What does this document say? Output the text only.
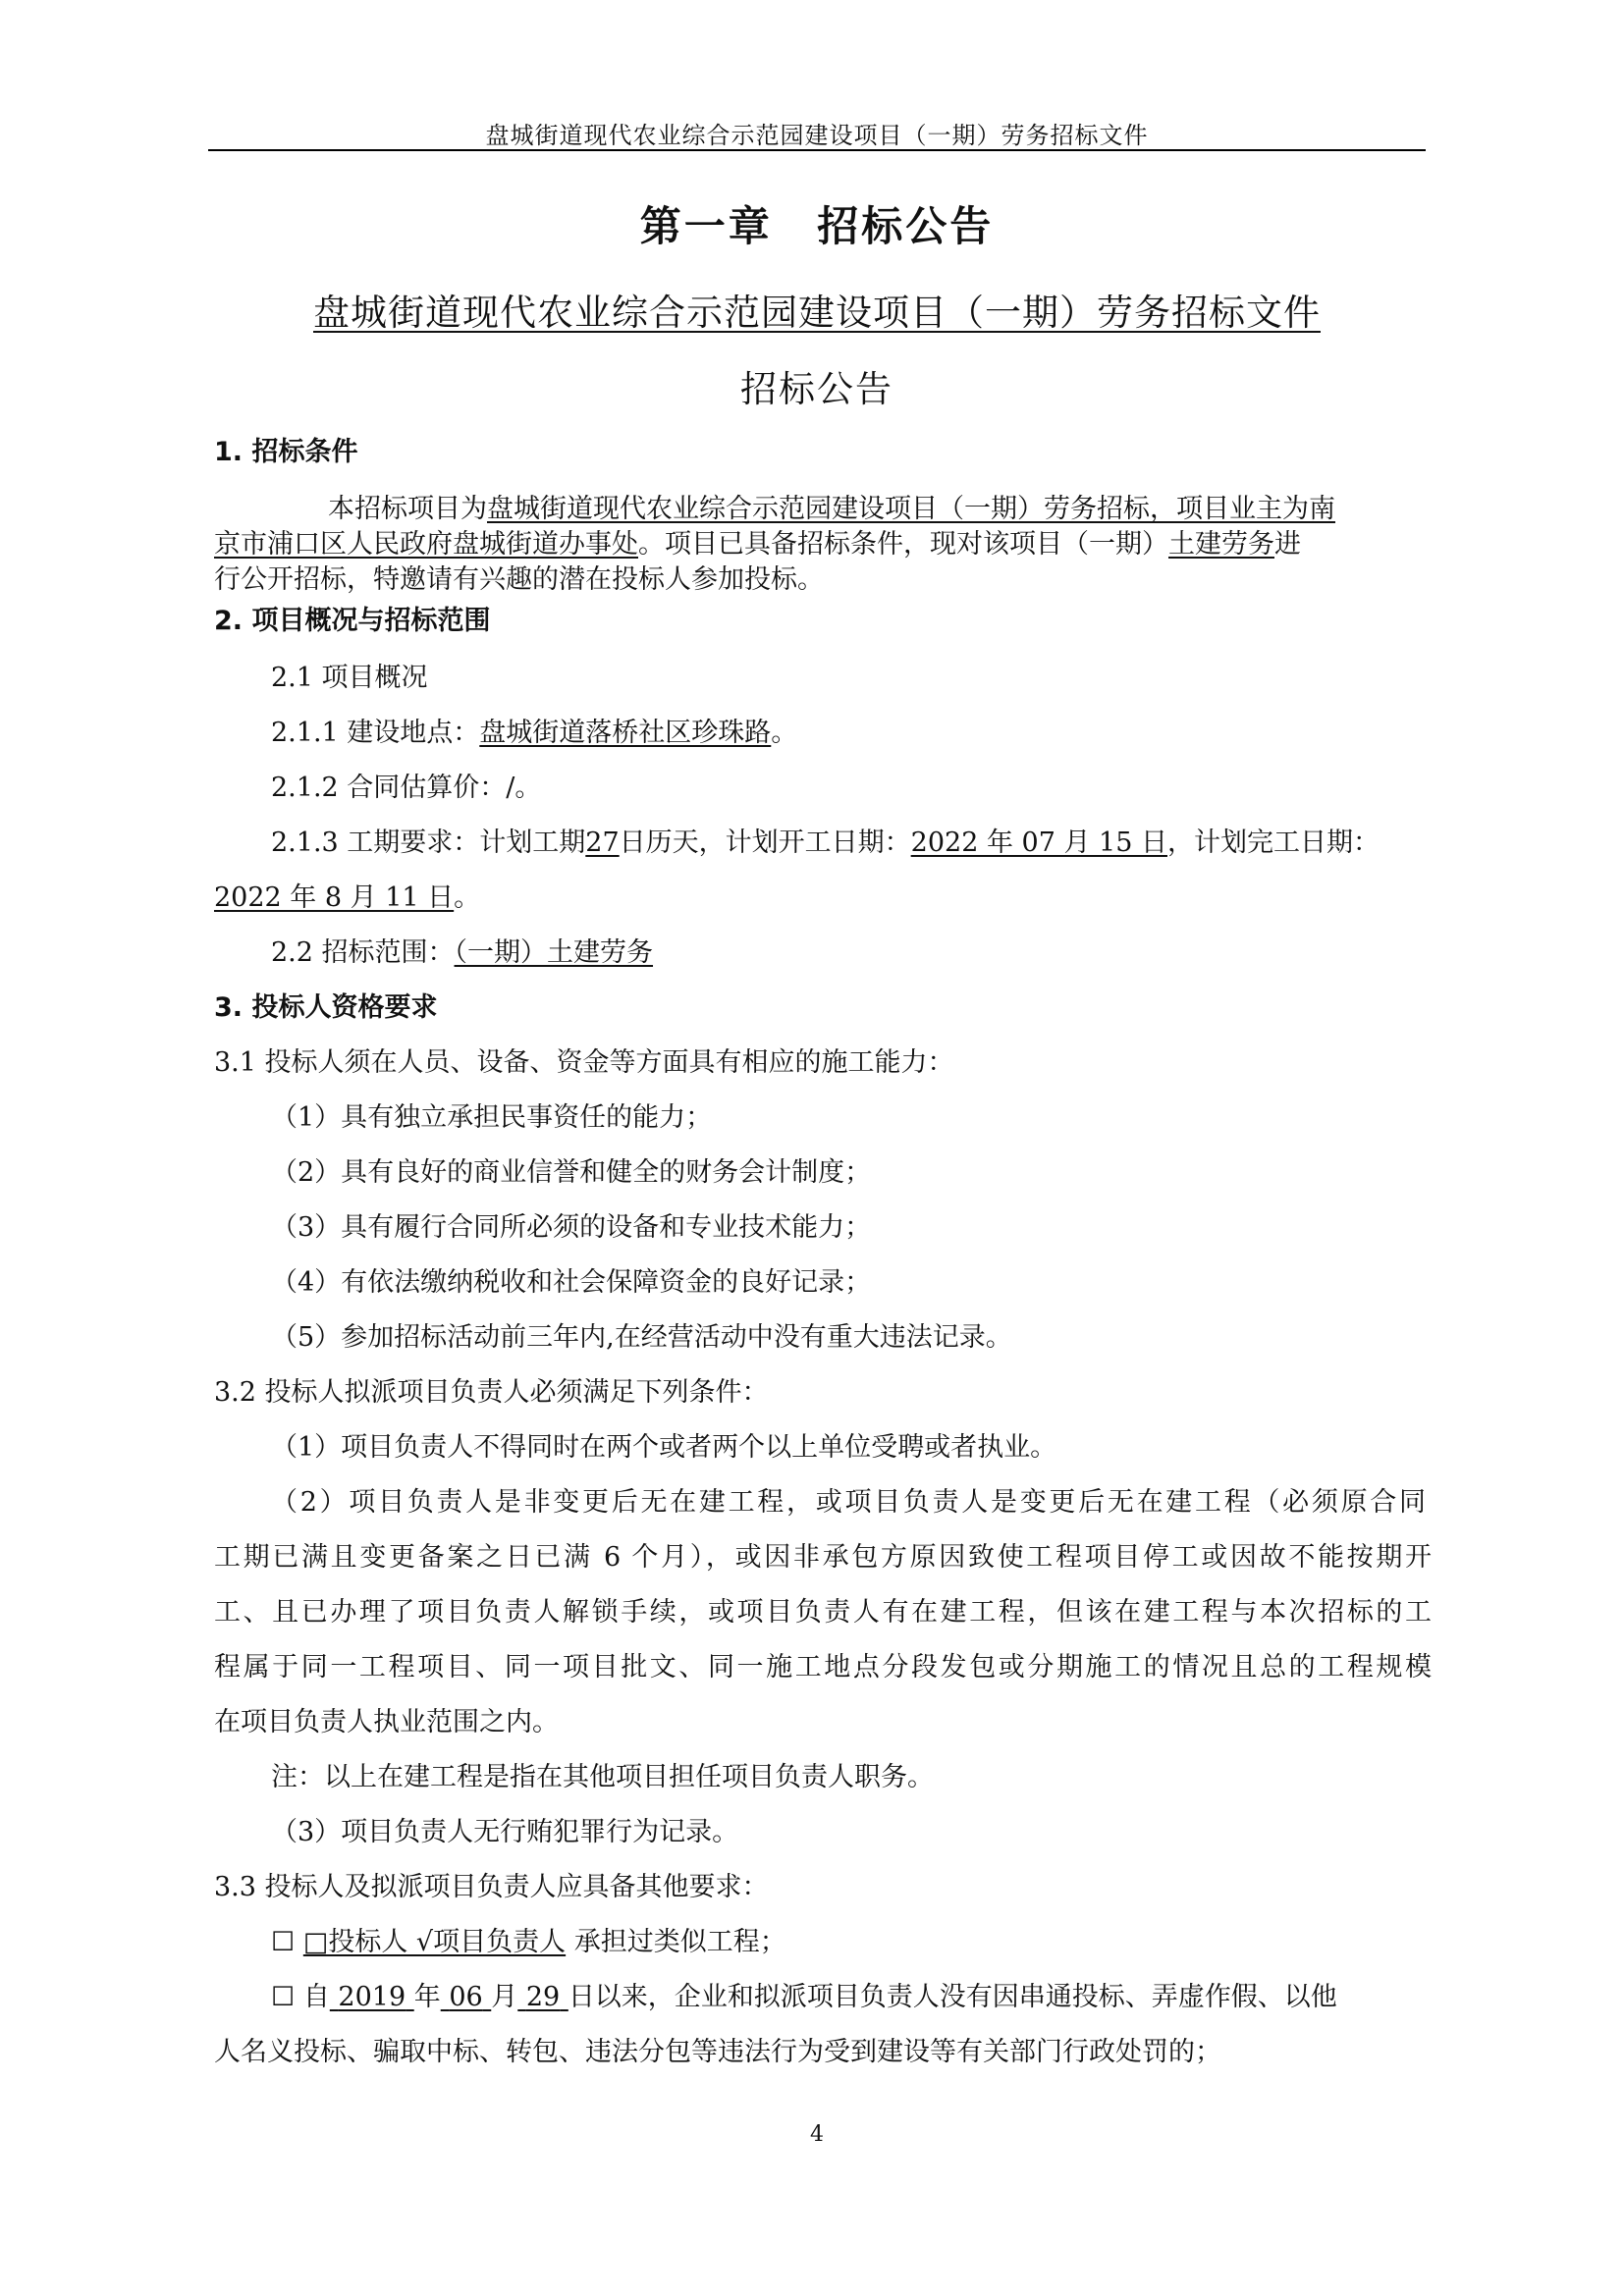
盘城街道现代农业综合示范园建设项目（一期）劳务招标文件
第一章 招标公告
盘城街道现代农业综合示范园建设项目（一期）劳务招标文件
招标公告
1. 招标条件
本招标项目为盘城街道现代农业综合示范园建设项目（一期）劳务招标，项目业主为南
京市浦口区人民政府盘城街道办事处。项目已具备招标条件，现对该项目（一期）土建劳务进
行公开招标，特邀请有兴趣的潜在投标人参加投标。
2. 项目概况与招标范围
2.1 项目概况
2.1.1 建设地点：盘城街道落桥社区珍珠路。
2.1.2 合同估算价：/。
2.1.3 工期要求：计划工期27日历天，计划开工日期：2022 年 07 月 15 日，计划完工日期：
2022 年 8 月 11 日。
2.2 招标范围：（一期）土建劳务
3. 投标人资格要求
3.1 投标人须在人员、设备、资金等方面具有相应的施工能力：
（1）具有独立承担民事资任的能力；
（2）具有良好的商业信誉和健全的财务会计制度；
（3）具有履行合同所必须的设备和专业技术能力；
（4）有依法缴纳税收和社会保障资金的良好记录；
（5）参加招标活动前三年内,在经营活动中没有重大违法记录。
3.2 投标人拟派项目负责人必须满足下列条件：
（1）项目负责人不得同时在两个或者两个以上单位受聘或者执业。
（2）项目负责人是非变更后无在建工程，或项目负责人是变更后无在建工程（必须原合同
工期已满且变更备案之日已满 6 个月），或因非承包方原因致使工程项目停工或因故不能按期开
工、且已办理了项目负责人解锁手续，或项目负责人有在建工程，但该在建工程与本次招标的工
程属于同一工程项目、同一项目批文、同一施工地点分段发包或分期施工的情况且总的工程规模
在项目负责人执业范围之内。
注：以上在建工程是指在其他项目担任项目负责人职务。
（3）项目负责人无行贿犯罪行为记录。
3.3 投标人及拟派项目负责人应具备其他要求：
☐ □投标人 √项目负责人 承担过类似工程；
☐ 自 2019 年 06 月 29 日以来，企业和拟派项目负责人没有因串通投标、弄虚作假、以他
人名义投标、骗取中标、转包、违法分包等违法行为受到建设等有关部门行政处罚的；
4
